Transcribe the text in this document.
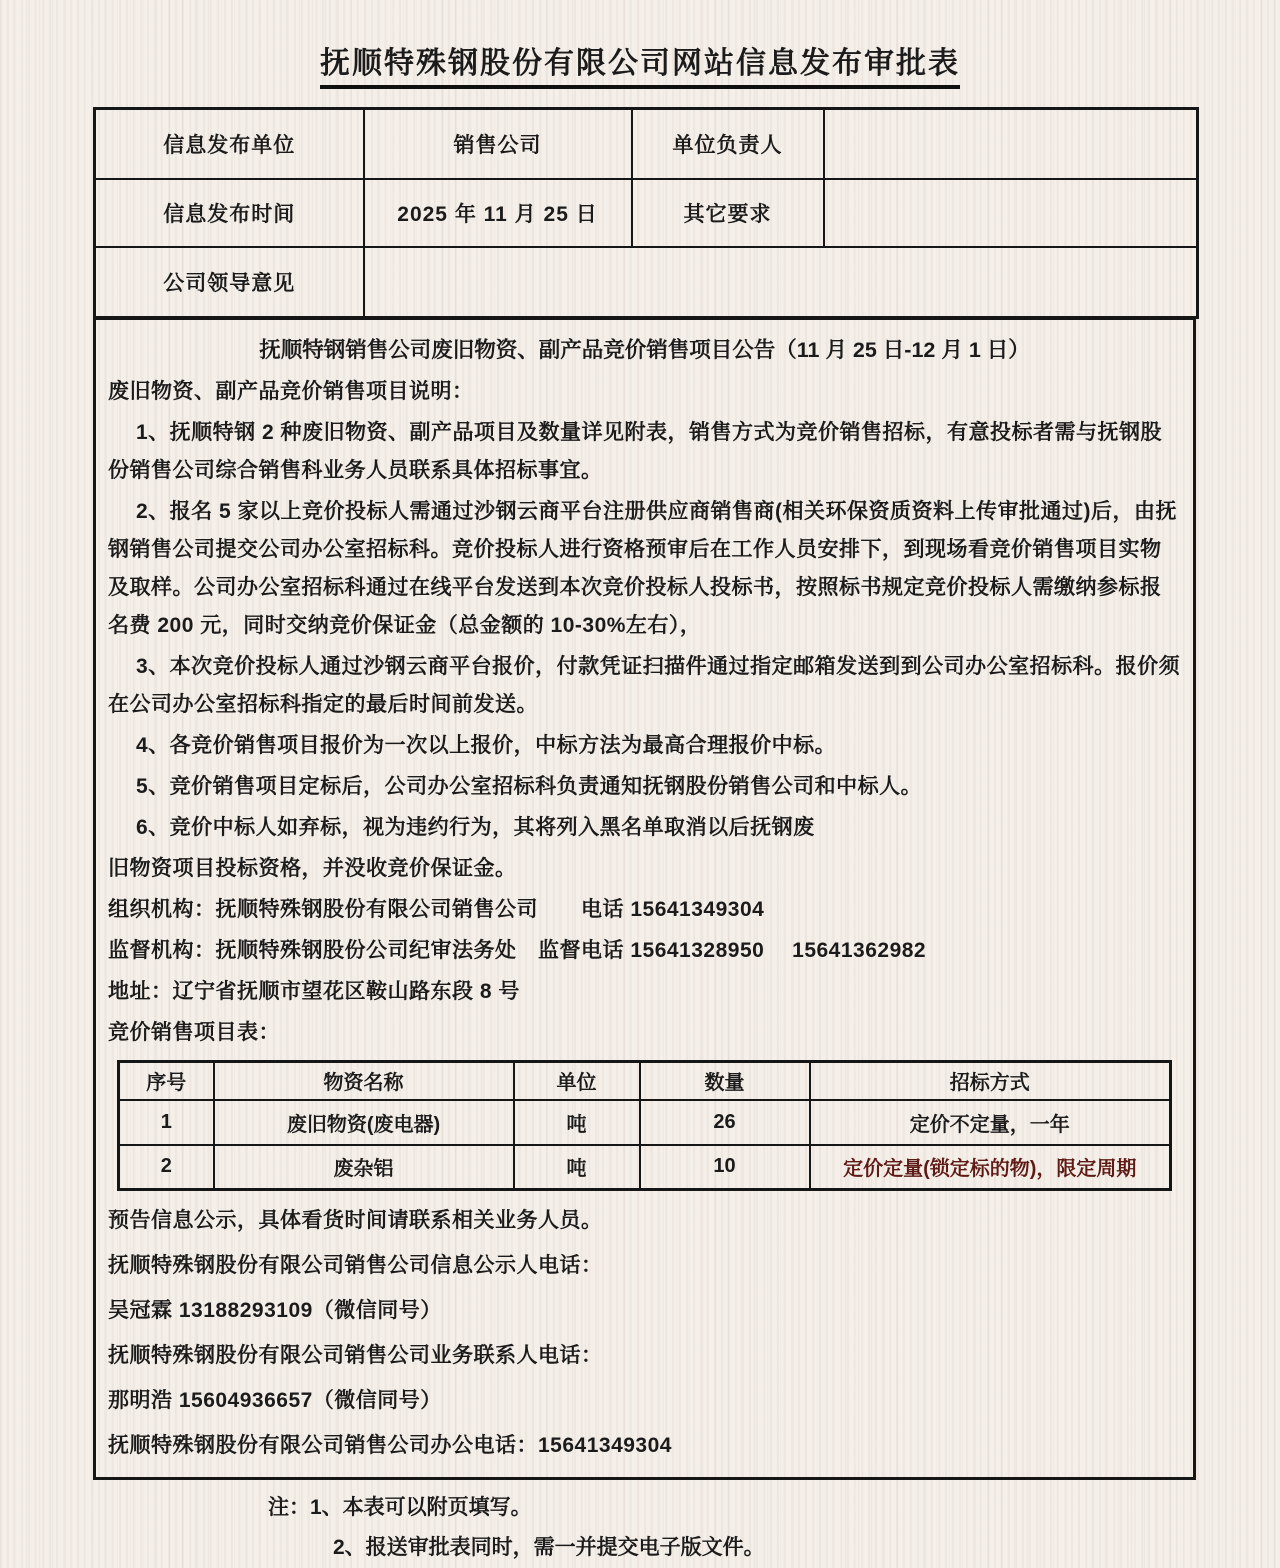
抚顺特殊钢股份有限公司网站信息发布审批表
信息发布单位	销售公司	单位负责人	
信息发布时间	2025 年 11 月 25 日	其它要求	
公司领导意见			
抚顺特钢销售公司废旧物资、副产品竞价销售项目公告（11 月 25 日-12 月 1 日）

废旧物资、副产品竞价销售项目说明：

1、抚顺特钢 2 种废旧物资、副产品项目及数量详见附表，销售方式为竞价销售招标，有意投标者需与抚钢股份销售公司综合销售科业务人员联系具体招标事宜。

2、报名 5 家以上竞价投标人需通过沙钢云商平台注册供应商销售商(相关环保资质资料上传审批通过)后，由抚钢销售公司提交公司办公室招标科。竞价投标人进行资格预审后在工作人员安排下，到现场看竞价销售项目实物及取样。公司办公室招标科通过在线平台发送到本次竞价投标人投标书，按照标书规定竞价投标人需缴纳参标报名费 200 元，同时交纳竞价保证金（总金额的 10-30%左右），

3、本次竞价投标人通过沙钢云商平台报价，付款凭证扫描件通过指定邮箱发送到到公司办公室招标科。报价须在公司办公室招标科指定的最后时间前发送。

4、各竞价销售项目报价为一次以上报价，中标方法为最高合理报价中标。

5、竞价销售项目定标后，公司办公室招标科负责通知抚钢股份销售公司和中标人。

6、竞价中标人如弃标，视为违约行为，其将列入黑名单取消以后抚钢废

旧物资项目投标资格，并没收竞价保证金。

组织机构：抚顺特殊钢股份有限公司销售公司　　电话 15641349304

监督机构：抚顺特殊钢股份公司纪审法务处　监督电话 15641328950　 15641362982

地址：辽宁省抚顺市望花区鞍山路东段 8 号

竞价销售项目表：

序号	物资名称	单位	数量	招标方式
1	废旧物资(废电器)	吨	26	定价不定量，一年
2	废杂铝	吨	10	定价定量(锁定标的物)，限定周期

预告信息公示，具体看货时间请联系相关业务人员。

抚顺特殊钢股份有限公司销售公司信息公示人电话：

吴冠霖 13188293109（微信同号）

抚顺特殊钢股份有限公司销售公司业务联系人电话：

那明浩 15604936657（微信同号）

抚顺特殊钢股份有限公司销售公司办公电话：15641349304

注：1、本表可以附页填写。

2、报送审批表同时，需一并提交电子版文件。
